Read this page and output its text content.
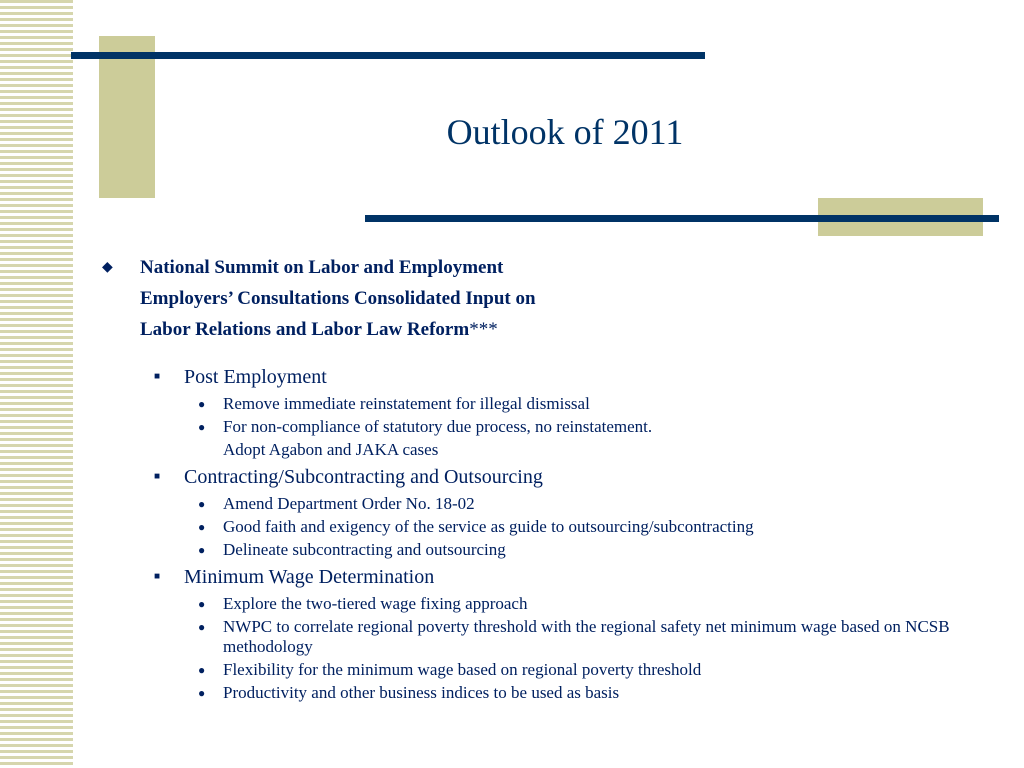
Outlook of 2011
◆ National Summit on Labor and Employment
Employers’ Consultations Consolidated Input on
Labor Relations and Labor Law Reform***
■ Post Employment
● Remove immediate reinstatement for illegal dismissal
● For non-compliance of statutory due process, no reinstatement.
Adopt Agabon and JAKA cases
■ Contracting/Subcontracting and Outsourcing
● Amend Department Order No. 18-02
● Good faith and exigency of the service as guide to outsourcing/subcontracting
● Delineate subcontracting and outsourcing
■ Minimum Wage Determination
● Explore the two-tiered wage fixing approach
● NWPC to correlate regional poverty threshold with the regional safety net minimum wage based on NCSB methodology
● Flexibility for the minimum wage based on regional poverty threshold
● Productivity and other business indices to be used as basis
